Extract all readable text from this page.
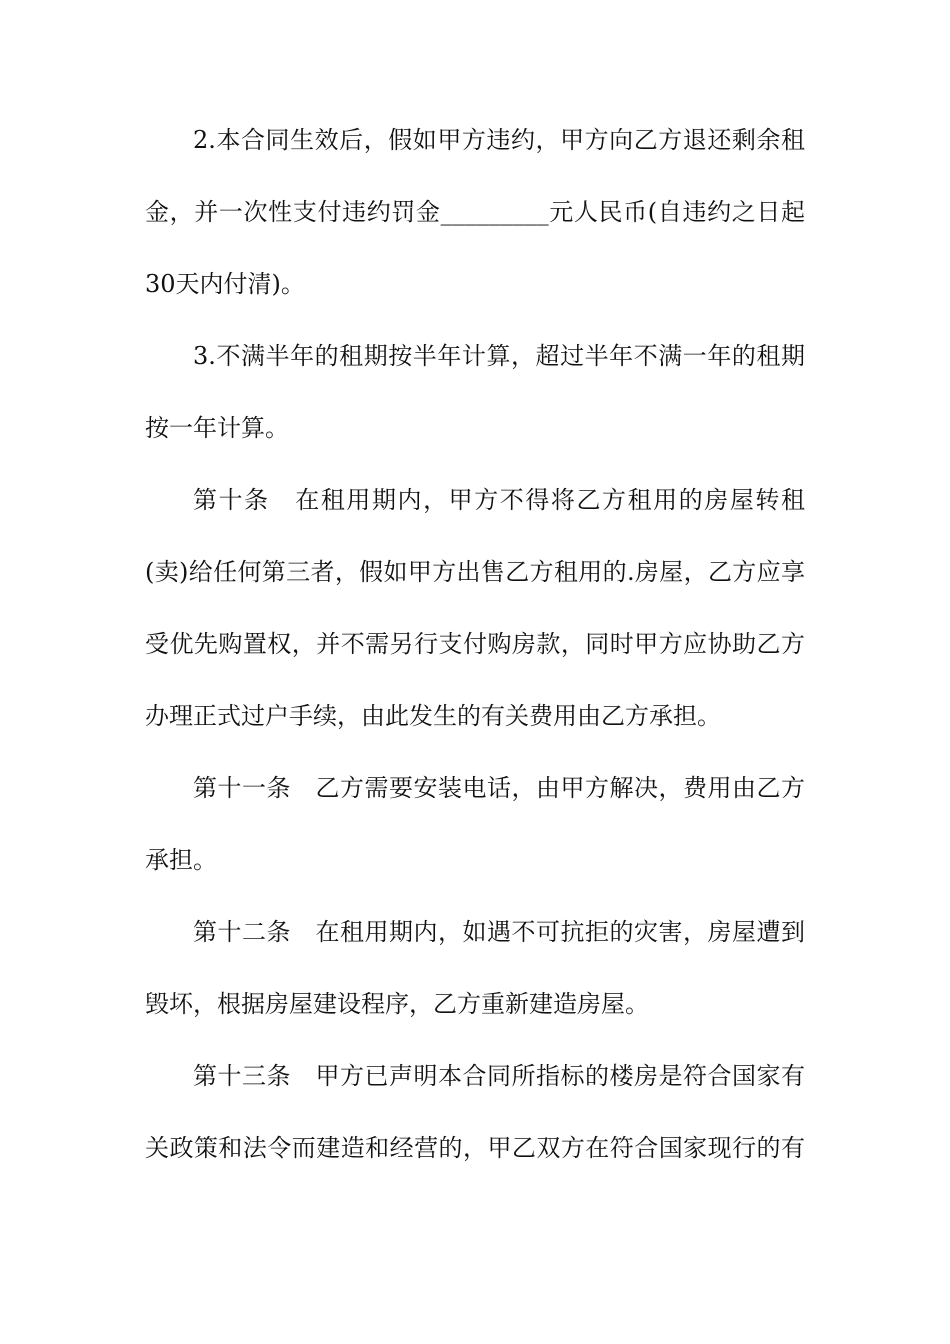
2.本合同生效后，假如甲方违约，甲方向乙方退还剩余租
金，并一次性支付违约罚金_________元人民币(自违约之日起
30天内付清)。
3.不满半年的租期按半年计算，超过半年不满一年的租期
按一年计算。
第十条　在租用期内，甲方不得将乙方租用的房屋转租
(卖)给任何第三者，假如甲方出售乙方租用的.房屋，乙方应享
受优先购置权，并不需另行支付购房款，同时甲方应协助乙方
办理正式过户手续，由此发生的有关费用由乙方承担。
第十一条　乙方需要安装电话，由甲方解决，费用由乙方
承担。
第十二条　在租用期内，如遇不可抗拒的灾害，房屋遭到
毁坏，根据房屋建设程序，乙方重新建造房屋。
第十三条　甲方已声明本合同所指标的楼房是符合国家有
关政策和法令而建造和经营的，甲乙双方在符合国家现行的有
